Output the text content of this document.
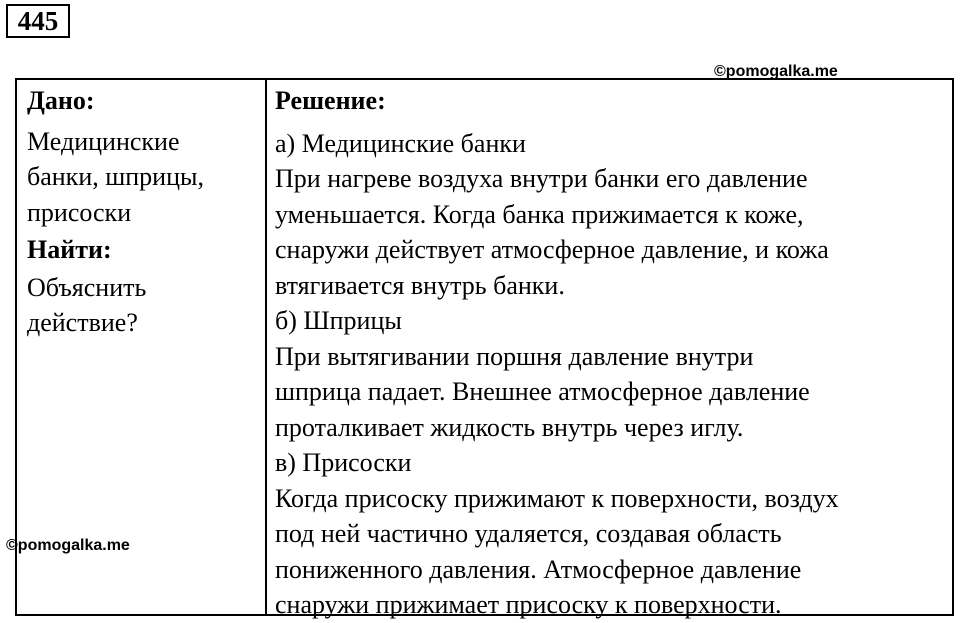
445
©pomogalka.me
Дано:
Медицинские
банки, шприцы,
присоски
Найти:
Объяснить
действие?
Решение:
а) Медицинские банки
При нагреве воздуха внутри банки его давление
уменьшается. Когда банка прижимается к коже,
снаружи действует атмосферное давление, и кожа
втягивается внутрь банки.
б) Шприцы
При вытягивании поршня давление внутри
шприца падает. Внешнее атмосферное давление
проталкивает жидкость внутрь через иглу.
в) Присоски
Когда присоску прижимают к поверхности, воздух
под ней частично удаляется, создавая область
пониженного давления. Атмосферное давление
снаружи прижимает присоску к поверхности.
©pomogalka.me
